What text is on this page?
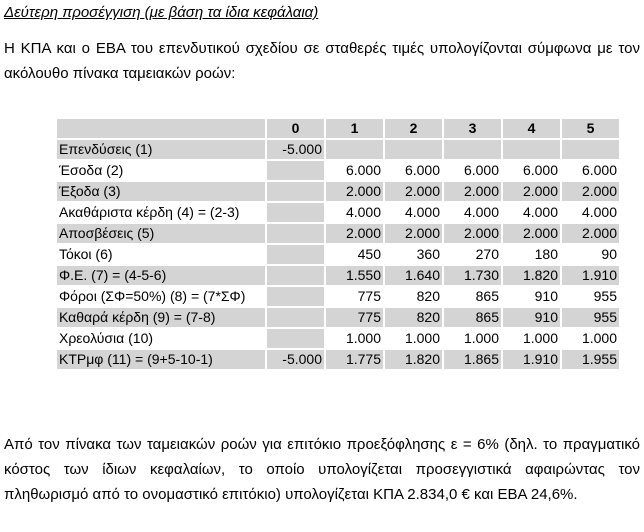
Δεύτερη προσέγγιση (με βάση τα ίδια κεφάλαια)
Η ΚΠΑ και ο ΕΒΑ του επενδυτικού σχεδίου σε σταθερές τιμές υπολογίζονται σύμφωνα με τον ακόλουθο πίνακα ταμειακών ροών:
	0	1	2	3	4	5
Επενδύσεις (1)	-5.000					
Έσοδα (2)		6.000	6.000	6.000	6.000	6.000
Έξοδα (3)		2.000	2.000	2.000	2.000	2.000
Ακαθάριστα κέρδη (4) = (2-3)		4.000	4.000	4.000	4.000	4.000
Αποσβέσεις (5)		2.000	2.000	2.000	2.000	2.000
Τόκοι (6)		450	360	270	180	90
Φ.Ε. (7) = (4-5-6)		1.550	1.640	1.730	1.820	1.910
Φόροι (ΣΦ=50%) (8) = (7*ΣΦ)		775	820	865	910	955
Καθαρά κέρδη (9) = (7-8)		775	820	865	910	955
Χρεολύσια (10)		1.000	1.000	1.000	1.000	1.000
ΚΤΡμφ (11) = (9+5-10-1)	-5.000	1.775	1.820	1.865	1.910	1.955
Από τον πίνακα των ταμειακών ροών για επιτόκιο προεξόφλησης ε = 6% (δηλ. το πραγματικό κόστος των ίδιων κεφαλαίων, το οποίο υπολογίζεται προσεγγιστικά αφαιρώντας τον πληθωρισμό από το ονομαστικό επιτόκιο) υπολογίζεται ΚΠΑ 2.834,0 € και ΕΒΑ 24,6%.
